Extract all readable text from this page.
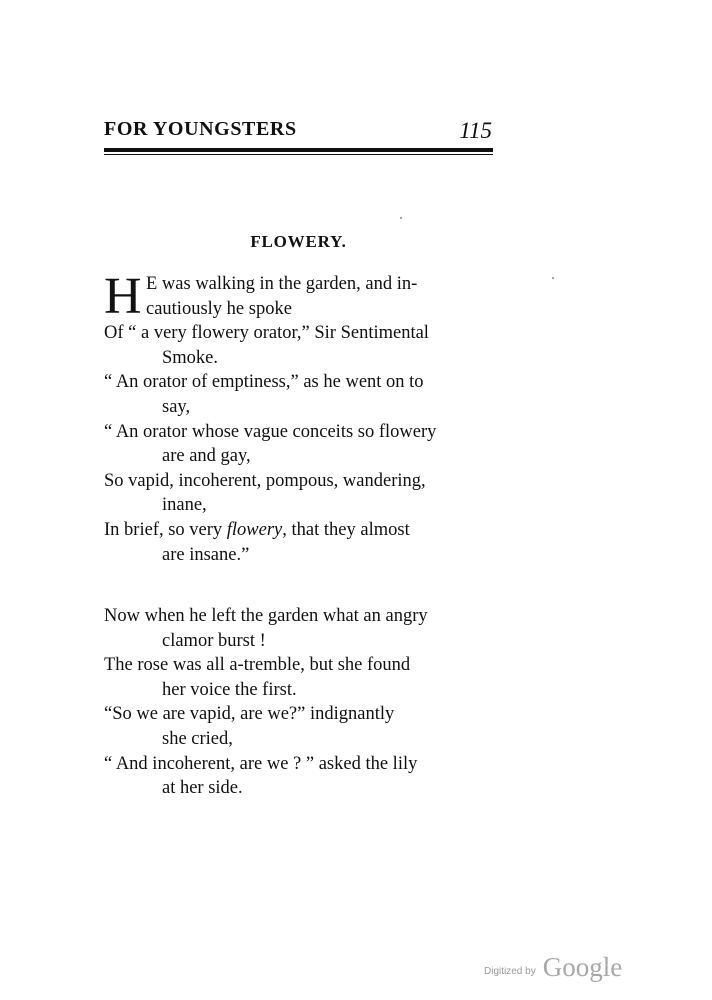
FOR YOUNGSTERS	115
FLOWERY.
H E was walking in the garden, and in-

cautiously he spoke

Of “ a very flowery orator,” Sir Sentimental

Smoke.

“ An orator of emptiness,” as he went on to

say,

“ An orator whose vague conceits so flowery

are and gay,

So vapid, incoherent, pompous, wandering,

inane,

In brief, so very flowery, that they almost

are insane.”

Now when he left the garden what an angry

clamor burst !

The rose was all a-tremble, but she found

her voice the first.

“So we are vapid, are we?” indignantly

she cried,

“ And incoherent, are we ? ” asked the lily

at her side.

Digitized by Google
